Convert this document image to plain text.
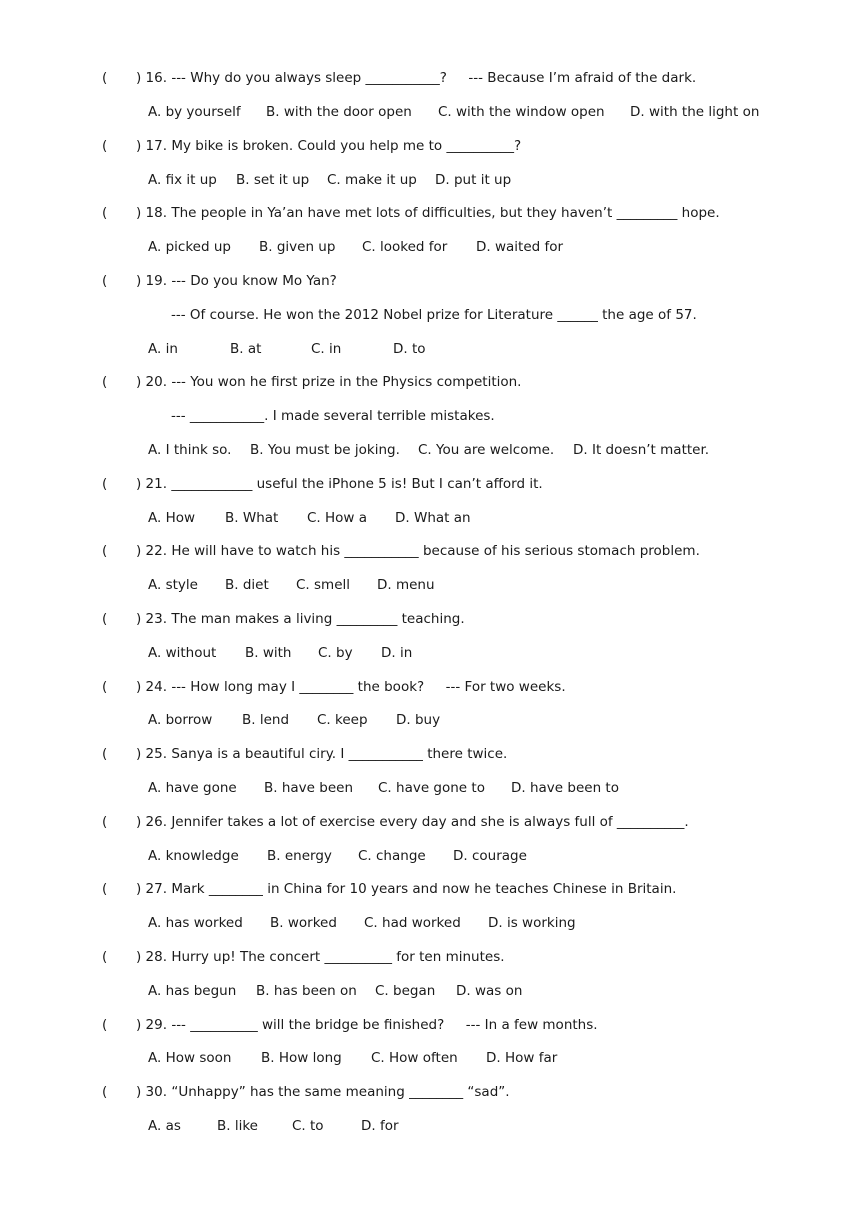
( ) 16. --- Why do you always sleep ___________?     --- Because I’m afraid of the dark.
A. by yourself B. with the door open C. with the window open D. with the light on
( ) 17. My bike is broken. Could you help me to __________?
A. fix it up B. set it up C. make it up D. put it up
( ) 18. The people in Ya’an have met lots of difficulties, but they haven’t _________ hope.
A. picked up B. given up C. looked for D. waited for
( ) 19. --- Do you know Mo Yan?
--- Of course. He won the 2012 Nobel prize for Literature ______ the age of 57.
A. in	B. at	C. in	D. to
( ) 20. --- You won he first prize in the Physics competition.
--- ___________. I made several terrible mistakes.
A. I think so. B. You must be joking. C. You are welcome. D. It doesn’t matter.
( ) 21. ____________ useful the iPhone 5 is! But I can’t afford it.
A. How B. What C. How a D. What an
( ) 22. He will have to watch his ___________ because of his serious stomach problem.
A. style B. diet C. smell D. menu
( ) 23. The man makes a living _________ teaching.
A. without B. with C. by D. in
( ) 24. --- How long may I ________ the book?     --- For two weeks.
A. borrow B. lend C. keep D. buy
( ) 25. Sanya is a beautiful ciry. I ___________ there twice.
A. have gone B. have been C. have gone to D. have been to
( ) 26. Jennifer takes a lot of exercise every day and she is always full of __________.
A. knowledge B. energy C. change D. courage
( ) 27. Mark ________ in China for 10 years and now he teaches Chinese in Britain.
A. has worked B. worked C. had worked D. is working
( ) 28. Hurry up! The concert __________ for ten minutes.
A. has begun B. has been on C. began D. was on
( ) 29. --- __________ will the bridge be finished?     --- In a few months.
A. How soon B. How long C. How often D. How far
( ) 30. “Unhappy” has the same meaning ________ “sad”.
A. as	B. like	C. to	D. for
